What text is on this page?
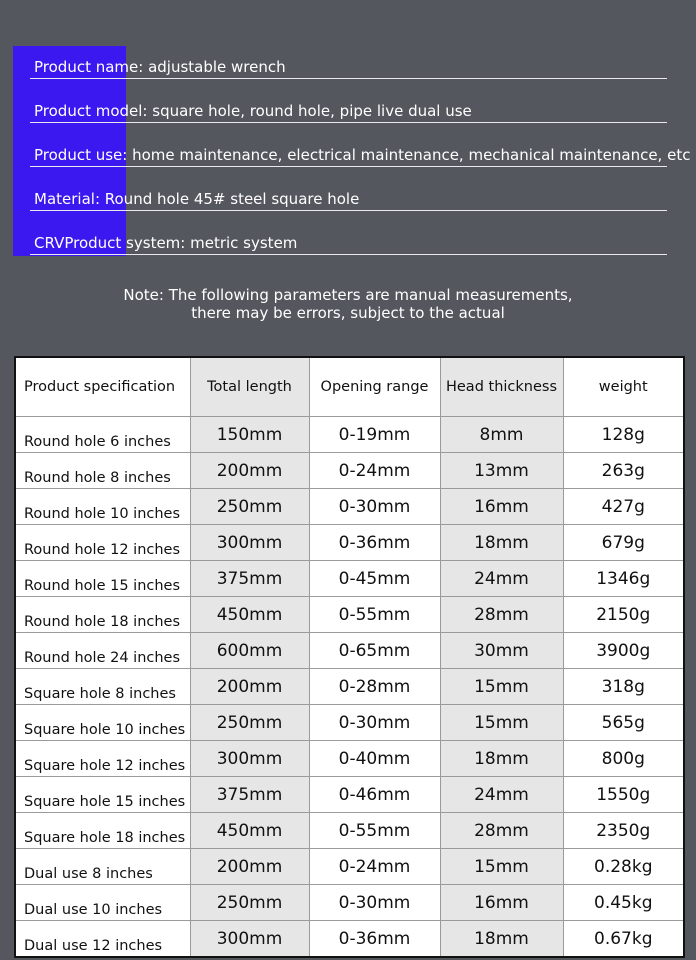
Product name: adjustable wrench
Product model: square hole, round hole, pipe live dual use
Product use: home maintenance, electrical maintenance, mechanical maintenance, etc
Material: Round hole 45# steel square hole
CRVProduct system: metric system
Note: The following parameters are manual measurements,
there may be errors, subject to the actual
Product specification	Total length	Opening range	Head thickness	weight
Round hole 6 inches	150mm	0-19mm	8mm	128g
Round hole 8 inches	200mm	0-24mm	13mm	263g
Round hole 10 inches	250mm	0-30mm	16mm	427g
Round hole 12 inches	300mm	0-36mm	18mm	679g
Round hole 15 inches	375mm	0-45mm	24mm	1346g
Round hole 18 inches	450mm	0-55mm	28mm	2150g
Round hole 24 inches	600mm	0-65mm	30mm	3900g
Square hole 8 inches	200mm	0-28mm	15mm	318g
Square hole 10 inches	250mm	0-30mm	15mm	565g
Square hole 12 inches	300mm	0-40mm	18mm	800g
Square hole 15 inches	375mm	0-46mm	24mm	1550g
Square hole 18 inches	450mm	0-55mm	28mm	2350g
Dual use 8 inches	200mm	0-24mm	15mm	0.28kg
Dual use 10 inches	250mm	0-30mm	16mm	0.45kg
Dual use 12 inches	300mm	0-36mm	18mm	0.67kg
